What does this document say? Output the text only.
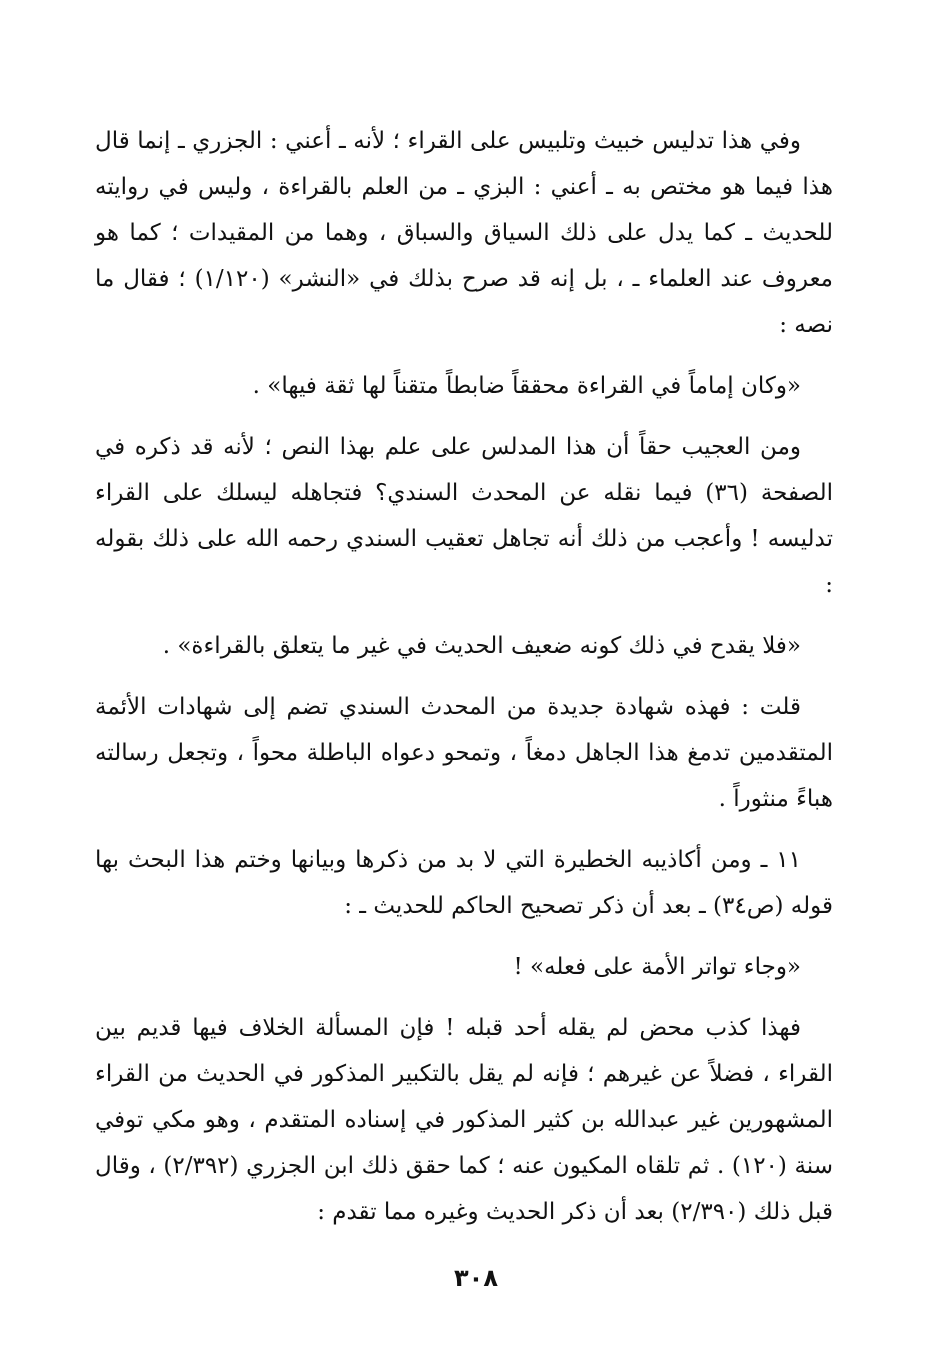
وفي هذا تدليس خبيث وتلبيس على القراء ؛ لأنه ـ أعني : الجزري ـ إنما قال هذا فيما هو مختص به ـ أعني : البزي ـ من العلم بالقراءة ، وليس في روايته للحديث ـ كما يدل على ذلك السياق والسباق ، وهما من المقيدات ؛ كما هو معروف عند العلماء ـ ، بل إنه قد صرح بذلك في «النشر» (١/١٢٠) ؛ فقال ما نصه :

«وكان إماماً في القراءة محققاً ضابطاً متقناً لها ثقة فيها» .

ومن العجيب حقاً أن هذا المدلس على علم بهذا النص ؛ لأنه قد ذكره في الصفحة (٣٦) فيما نقله عن المحدث السندي؟ فتجاهله ليسلك على القراء تدليسه ! وأعجب من ذلك أنه تجاهل تعقيب السندي رحمه الله على ذلك بقوله :

«فلا يقدح في ذلك كونه ضعيف الحديث في غير ما يتعلق بالقراءة» .

قلت : فهذه شهادة جديدة من المحدث السندي تضم إلى شهادات الأئمة المتقدمين تدمغ هذا الجاهل دمغاً ، وتمحو دعواه الباطلة محواً ، وتجعل رسالته هباءً منثوراً .

١١ ـ ومن أكاذيبه الخطيرة التي لا بد من ذكرها وبيانها وختم هذا البحث بها قوله (ص٣٤) ـ بعد أن ذكر تصحيح الحاكم للحديث ـ :

«وجاء تواتر الأمة على فعله» !

فهذا كذب محض لم يقله أحد قبله ! فإن المسألة الخلاف فيها قديم بين القراء ، فضلاً عن غيرهم ؛ فإنه لم يقل بالتكبير المذكور في الحديث من القراء المشهورين غير عبدالله بن كثير المذكور في إسناده المتقدم ، وهو مكي توفي سنة (١٢٠) . ثم تلقاه المكيون عنه ؛ كما حقق ذلك ابن الجزري (٢/٣٩٢) ، وقال قبل ذلك (٢/٣٩٠) بعد أن ذكر الحديث وغيره مما تقدم :

٣٠٨
